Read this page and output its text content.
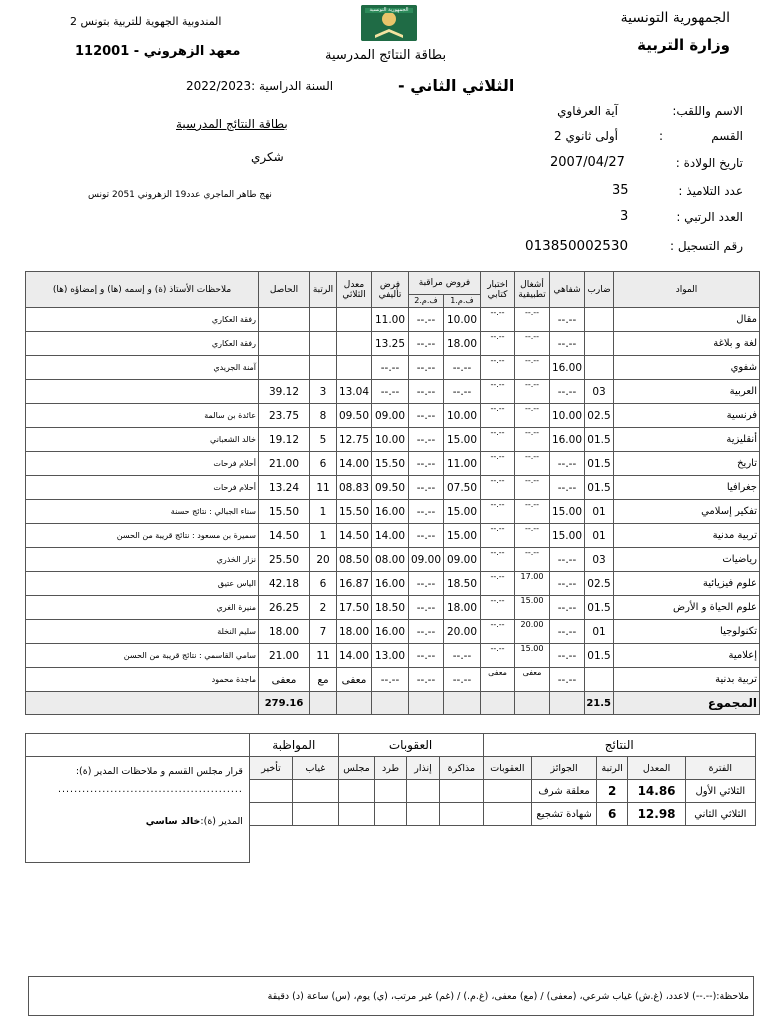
الجمهورية التونسية	الجمهورية التونسية
وزارة التربية
المندوبية الجهوية للتربية بتونس 2
معهد الزهروني - 112001	بطاقة النتائج المدرسية
السنة الدراسية :2022/2023	الثلاثي الثاني -
الاسم واللقب:
آية العرفاوي
القسم
:
أولى ثانوي 2
تاريخ الولادة :
2007/04/27
عدد التلاميذ :
35
العدد الرتبي :
3
رقم التسجيل :
013850002530
بطاقة النتائج المدرسية
شكري
نهج طاهر الماجري عدد19 الزهروني 2051 تونس
المواد	ضارب	شفاهي	أشغال تطبيقية	اختبار كتابي	فروض مراقبة		فرض تأليفي	معدل الثلاثي	الرتبة	الحاصل	ملاحظات الأستاذ (ة) و إسمه (ها) و إمضاؤه (ها)
					ف.م.1	ف.م.2					
مقال		--.--	--.--	--.--	10.00	--.--	11.00				رفقة العكاري
لغة و بلاغة		--.--	--.--	--.--	18.00	--.--	13.25				رفقة العكاري
شفوي		16.00	--.--	--.--	--.--	--.--	--.--				آمنة الجريدي
العربية	03	--.--	--.--	--.--	--.--	--.--	--.--	13.04	3	39.12	
فرنسية	02.5	10.00	--.--	--.--	10.00	--.--	09.00	09.50	8	23.75	عائدة بن سالمة
أنقليزية	01.5	16.00	--.--	--.--	15.00	--.--	10.00	12.75	5	19.12	خالد الشعباني
تاريخ	01.5	--.--	--.--	--.--	11.00	--.--	15.50	14.00	6	21.00	أحلام فرحات
جغرافيا	01.5	--.--	--.--	--.--	07.50	--.--	09.50	08.83	11	13.24	أحلام فرحات
تفكير إسلامي	01	15.00	--.--	--.--	15.00	--.--	16.00	15.50	1	15.50	سناء الجبالي : نتائج حسنة
تربية مدنية	01	15.00	--.--	--.--	15.00	--.--	14.00	14.50	1	14.50	سميرة بن مسعود : نتائج قريبة من الحسن
رياضيات	03	--.--	--.--	--.--	09.00	09.00	08.00	08.50	20	25.50	نزار الخذري
علوم فيزيائية	02.5	--.--	17.00	--.--	18.50	--.--	16.00	16.87	6	42.18	الياس عتيق
علوم الحياة و الأرض	01.5	--.--	15.00	--.--	18.00	--.--	18.50	17.50	2	26.25	منيرة الغري
تكنولوجيا	01	--.--	20.00	--.--	20.00	--.--	16.00	18.00	7	18.00	سليم النخلة
إعلامية	01.5	--.--	15.00	--.--	--.--	--.--	13.00	14.00	11	21.00	سامي القاسمي : نتائج قريبة من الحسن
تربية بدنية		--.--	معفى	معفى	--.--	--.--	--.--	معفى	مع	معفى	ماجدة محمود
المجموع	21.5									279.16	
النتائج					العقوبات				المواظبة		
الفترة	المعدل	الرتبة	الجوائز	العقوبات	مذاكرة	إنذار	طرد	مجلس	غياب	تأخير	قرار مجلس القسم و ملاحظات المدير (ة):
..............................................
المدير (ة):خالد ساسي

الثلاثي الأول	14.86	2	معلقة شرف								
الثلاثي الثاني	12.98	6	شهادة تشجيع								

ملاحظة:(--.--) لاعدد، (غ.ش) غياب شرعي، (معفى) / (مع) معفى، (غ.م.) / (غم) غير مرتب، (ي) يوم، (س) ساعة (د) دقيقة
